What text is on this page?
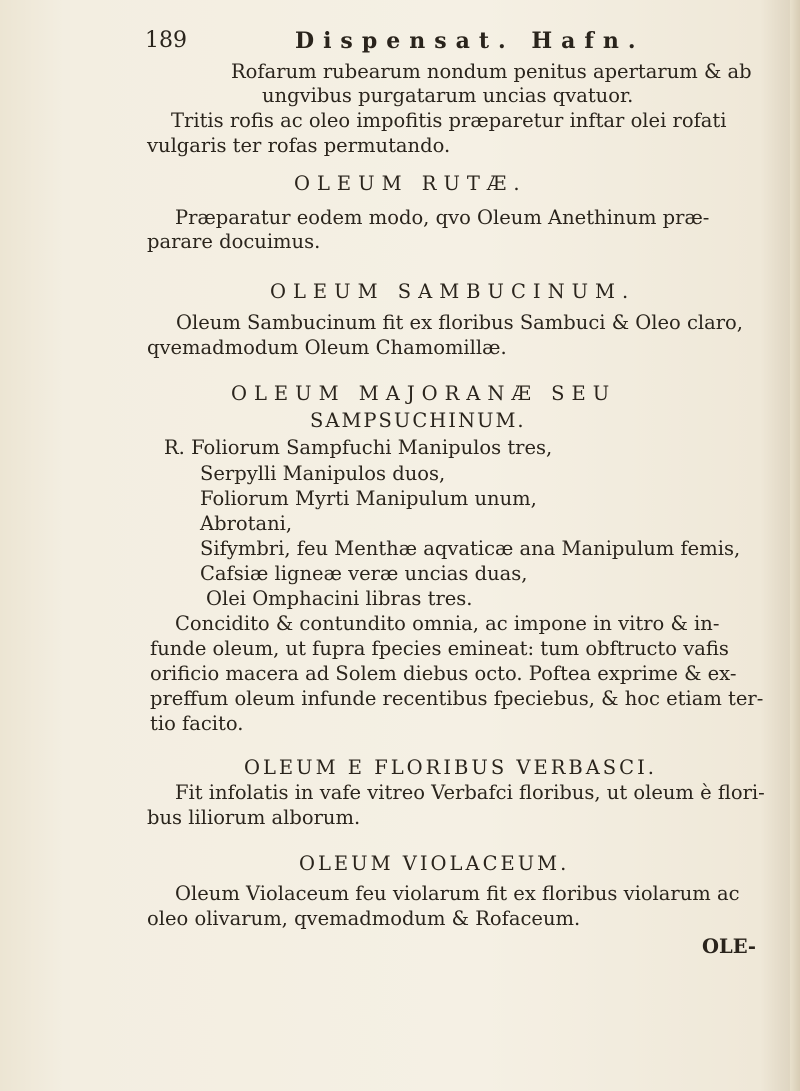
189	Dispensat. Hafn.
Rofarum rubearum nondum penitus apertarum & ab
ungvibus purgatarum uncias qvatuor.
Tritis rofis ac oleo impofitis præparetur inftar olei rofati
vulgaris ter rofas permutando.
OLEUM RUTÆ.
Præparatur eodem modo, qvo Oleum Anethinum præ-
parare docuimus.
OLEUM SAMBUCINUM.
Oleum Sambucinum fit ex floribus Sambuci & Oleo claro,
qvemadmodum Oleum Chamomillæ.
OLEUM MAJORANÆ SEU
SAMPSUCHINUM.
R. Foliorum Sampfuchi Manipulos tres,
Serpylli Manipulos duos,
Foliorum Myrti Manipulum unum,
Abrotani,
Sifymbri, feu Menthæ aqvaticæ ana Manipulum femis,
Cafsiæ ligneæ veræ uncias duas,
Olei Omphacini libras tres.
Concidito & contundito omnia, ac impone in vitro & in-
funde oleum, ut fupra fpecies emineat: tum obftructo vafis
orificio macera ad Solem diebus octo. Poftea exprime & ex-
preffum oleum infunde recentibus fpeciebus, & hoc etiam ter-
tio facito.
OLEUM E FLORIBUS VERBASCI.
Fit infolatis in vafe vitreo Verbafci floribus, ut oleum è flori-
bus liliorum alborum.
OLEUM VIOLACEUM.
Oleum Violaceum feu violarum fit ex floribus violarum ac
oleo olivarum, qvemadmodum & Rofaceum.
OLE-
